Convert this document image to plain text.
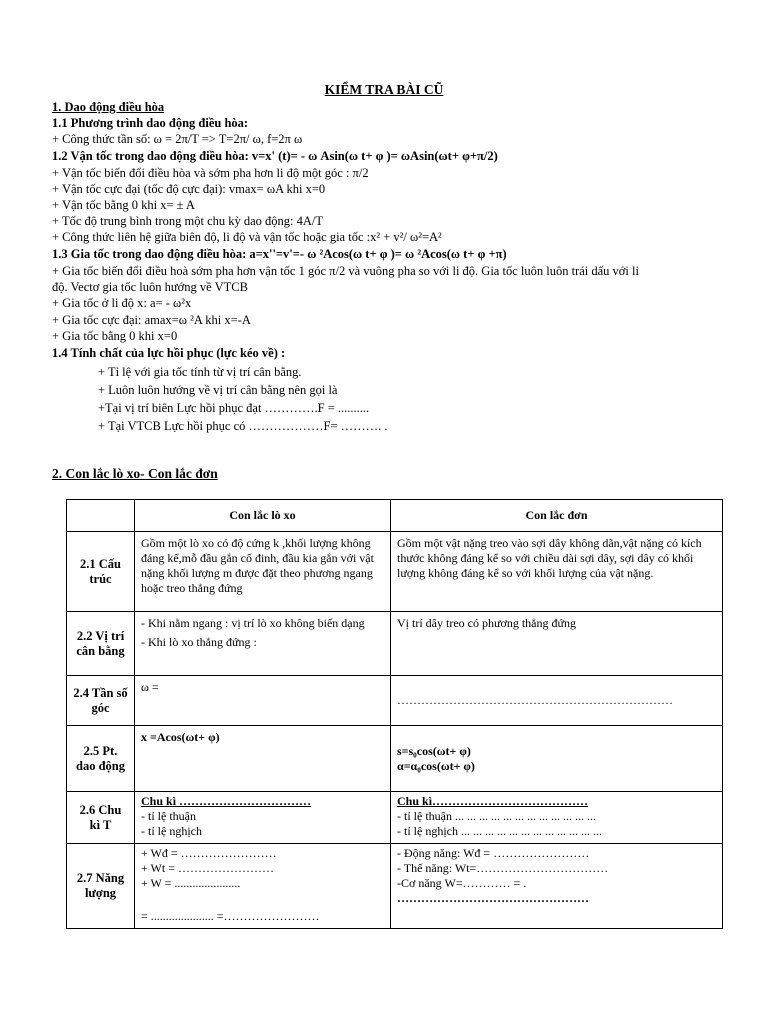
KIỂM TRA BÀI CŨ
1. Dao động điều hòa
1.1 Phương trình dao động điều hòa:
+ Công thức tần số: ω = 2π/T => T=2π/ ω, f=2π ω
1.2 Vận tốc trong dao động điều hòa: v=x' (t)= - ω Asin(ω t+ φ )= ωAsin(ωt+ φ+π/2)
+ Vận tốc biến đổi điều hòa và sớm pha hơn li độ một góc : π/2
+ Vận tốc cực đại (tốc độ cực đại): vmax= ωA khi x=0
+ Vận tốc bằng 0 khi x= ± A
+ Tốc độ trung bình trong một chu kỳ dao động: 4A/T
+ Công thức liên hệ giữa biên độ, li độ và vận tốc hoặc gia tốc :x² + v²/ ω²=A²
1.3 Gia tốc trong dao động điều hòa: a=x''=v'=- ω ²Acos(ω t+ φ )= ω ²Acos(ω t+ φ +π)
+ Gia tốc biến đổi điều hoà sớm pha hơn vận tốc 1 góc π/2 và vuông pha so với li độ. Gia tốc luôn luôn trái dấu với li
độ. Vectơ gia tốc luôn hướng về VTCB
+ Gia tốc ở li độ x: a= - ω²x
+ Gia tốc cực đại: amax=ω ²A khi x=-A
+ Gia tốc bằng 0 khi x=0
1.4 Tính chất của lực hồi phục (lực kéo về) :
+ Tỉ lệ với gia tốc tính từ vị trí cân bằng.
+ Luôn luôn hướng về vị trí cân bằng nên gọi là
+Tại vị trí biên Lực hồi phục đạt ………….F = ..........
+ Tại VTCB Lực hồi phục có ………………F= ………. .
2. Con lắc lò xo- Con lắc đơn
	Con lắc lò xo	Con lắc đơn
2.1 Cấu trúc	Gồm một lò xo có độ cứng k ,khối lượng không đáng kể,mỗ đầu gắn cố đinh, đầu kia gắn với vật nặng khối lượng m được đặt theo phương ngang hoặc treo thẳng đứng	Gồm một vật nặng treo vào sợi dây không dãn,vật nặng có kích thước không đáng kể so với chiều dài sợi dây, sợi dây có khối lượng không đáng kể so với khối lượng của vật nặng.
2.2 Vị trí cân bằng	- Khi nằm ngang : vị trí lò xo không biến dạng
- Khi lò xo thẳng đứng :	Vị trí dây treo có phương thẳng đứng

2.4 Tần số góc	ω =	……………………………………………………………

2.5 Pt. dao động	x =Acos(ωt+ φ)	s=s₀cos(ωt+ φ)
α=α₀cos(ωt+ φ)

2.6 Chu kì T	Chu kì ……………………………
- tỉ lệ thuận
- tỉ lệ nghịch	Chu kì…………………………………
- tỉ lệ thuận ... ... ... ... ... ... ... ... ... ... ... ...
- tỉ lệ nghịch ... ... ... ... ... ... ... ... ... ... ... ...

2.7 Năng lượng	+ Wđ = ……………………
+ Wt = ……………………
+ W = ......................
= ..................... =……………………	- Động năng: Wđ = ……………………
- Thế năng: Wt=……………………………
-Cơ năng W=………… = .
…………………………………………
